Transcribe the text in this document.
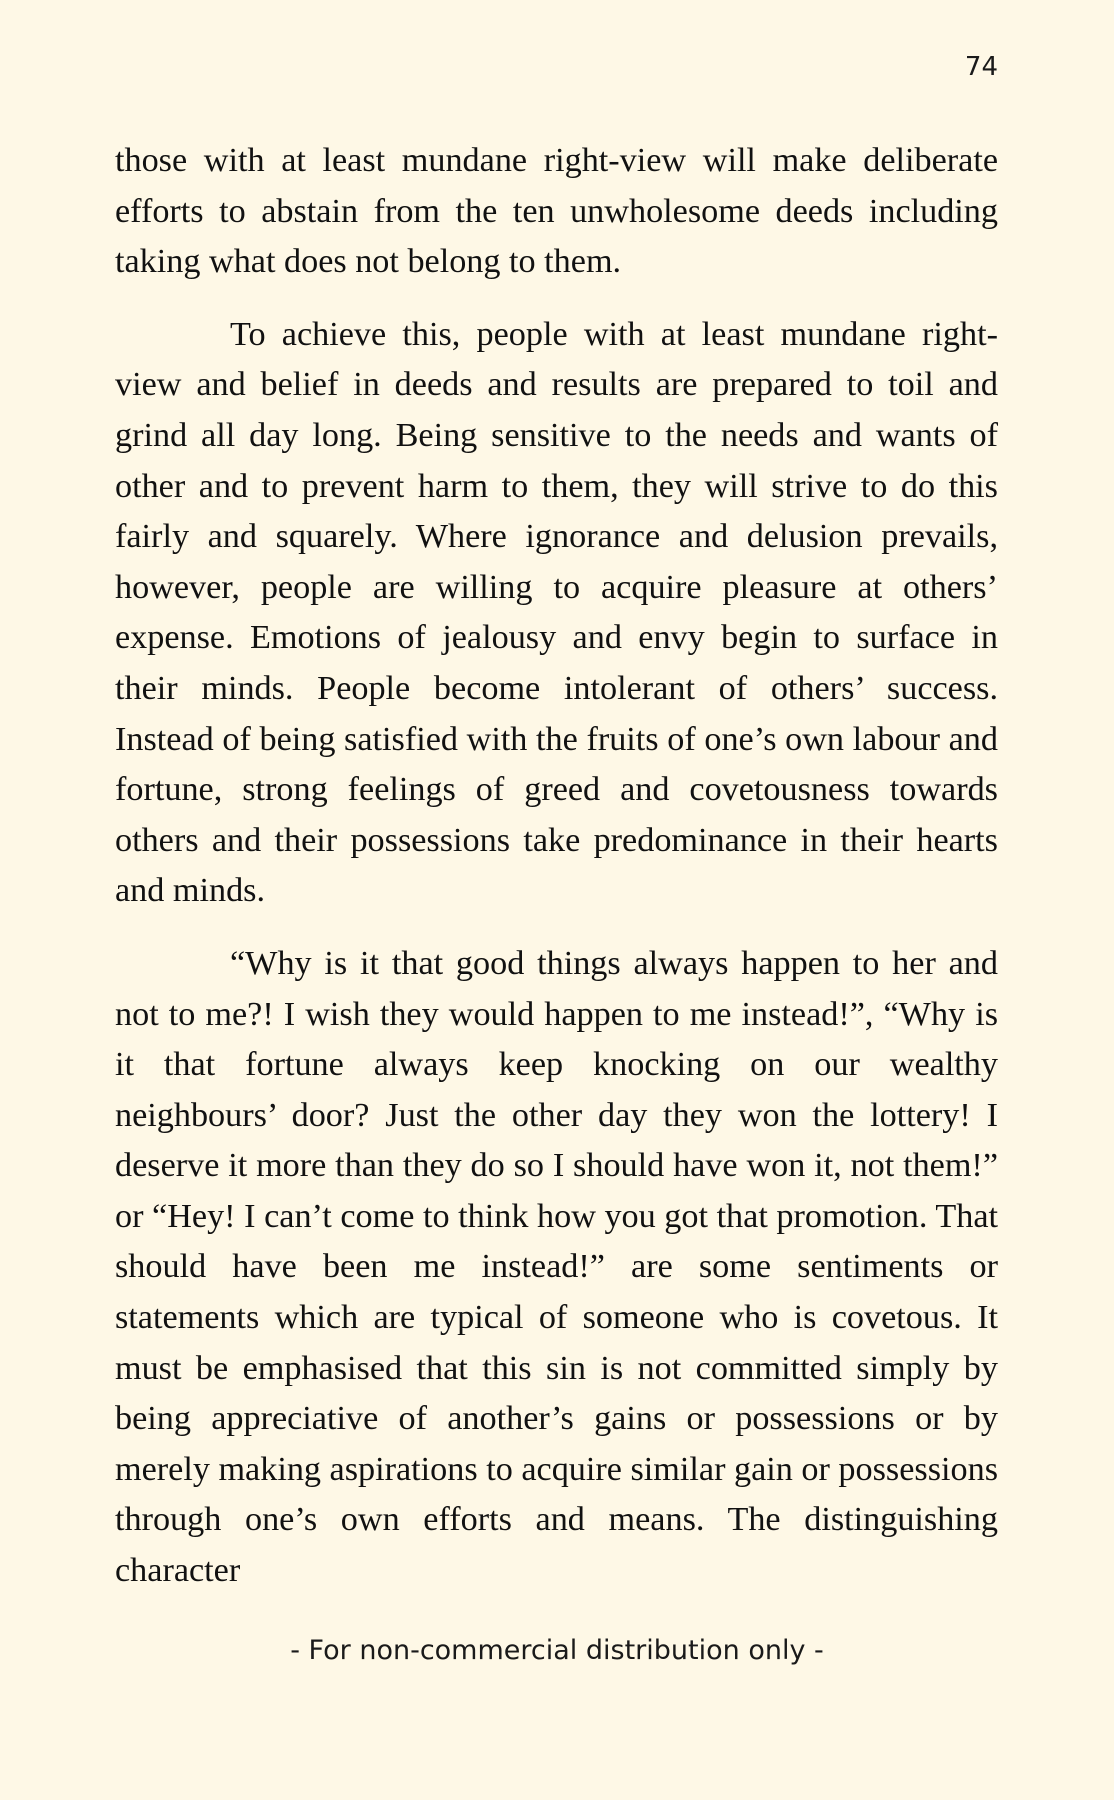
74

those with at least mundane right-view will make deliberate efforts to abstain from the ten unwholesome deeds including taking what does not belong to them.

To achieve this, people with at least mundane right-view and belief in deeds and results are prepared to toil and grind all day long. Being sensitive to the needs and wants of other and to prevent harm to them, they will strive to do this fairly and squarely. Where ignorance and delusion prevails, however, people are willing to acquire pleasure at others’ expense. Emotions of jealousy and envy begin to surface in their minds. People become intolerant of others’ success. Instead of being satisfied with the fruits of one’s own labour and fortune, strong feelings of greed and covetousness towards others and their possessions take predominance in their hearts and minds.

“Why is it that good things always happen to her and not to me?! I wish they would happen to me instead!”, “Why is it that fortune always keep knocking on our wealthy neighbours’ door? Just the other day they won the lottery! I deserve it more than they do so I should have won it, not them!” or “Hey! I can’t come to think how you got that promotion. That should have been me instead!” are some sentiments or statements which are typical of someone who is covetous. It must be emphasised that this sin is not committed simply by being appreciative of another’s gains or possessions or by merely making aspirations to acquire similar gain or possessions through one’s own efforts and means. The distinguishing character

- For non-commercial distribution only -
